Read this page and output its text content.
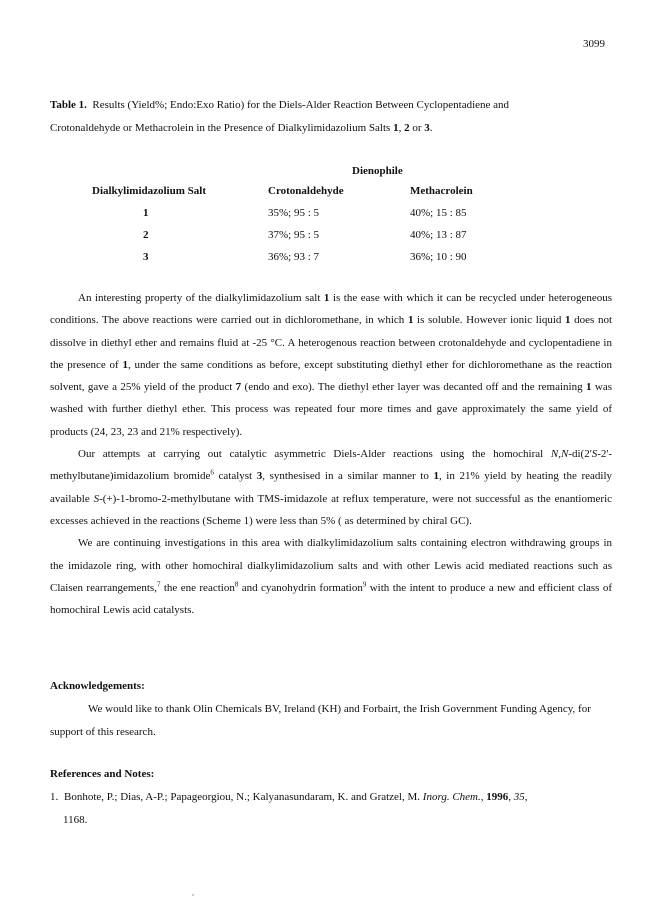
3099
Table 1. Results (Yield%; Endo:Exo Ratio) for the Diels-Alder Reaction Between Cyclopentadiene and
Crotonaldehyde or Methacrolein in the Presence of Dialkylimidazolium Salts 1, 2 or 3.
Dienophile
Dialkylimidazolium Salt	Crotonaldehyde	Methacrolein
1	35%; 95 : 5	40%; 15 : 85
2	37%; 95 : 5	40%; 13 : 87
3	36%; 93 : 7	36%; 10 : 90

An interesting property of the dialkylimidazolium salt 1 is the ease with which it can be recycled under heterogeneous conditions. The above reactions were carried out in dichloromethane, in which 1 is soluble. However ionic liquid 1 does not dissolve in diethyl ether and remains fluid at -25 °C. A heterogenous reaction between crotonaldehyde and cyclopentadiene in the presence of 1, under the same conditions as before, except substituting diethyl ether for dichloromethane as the reaction solvent, gave a 25% yield of the product 7 (endo and exo). The diethyl ether layer was decanted off and the remaining 1 was washed with further diethyl ether. This process was repeated four more times and gave approximately the same yield of products (24, 23, 23 and 21% respectively).

Our attempts at carrying out catalytic asymmetric Diels-Alder reactions using the homochiral N,N-di(2'S-2'-methylbutane)imidazolium bromide$^6$ catalyst 3, synthesised in a similar manner to 1, in 21% yield by heating the readily available S-(+)-1-bromo-2-methylbutane with TMS-imidazole at reflux temperature, were not successful as the enantiomeric excesses achieved in the reactions (Scheme 1) were less than 5% ( as determined by chiral GC).

We are continuing investigations in this area with dialkylimidazolium salts containing electron withdrawing groups in the imidazole ring, with other homochiral dialkylimidazolium salts and with other Lewis acid mediated reactions such as Claisen rearrangements,$^7$ the ene reaction$^8$ and cyanohydrin formation$^9$ with the intent to produce a new and efficient class of homochiral Lewis acid catalysts.

Acknowledgements:

We would like to thank Olin Chemicals BV, Ireland (KH) and Forbairt, the Irish Government Funding Agency, for support of this research.

References and Notes:
1. Bonhote, P.; Dias, A-P.; Papageorgiou, N.; Kalyanasundaram, K. and Gratzel, M. Inorg. Chem., 1996, 35,
1168.
